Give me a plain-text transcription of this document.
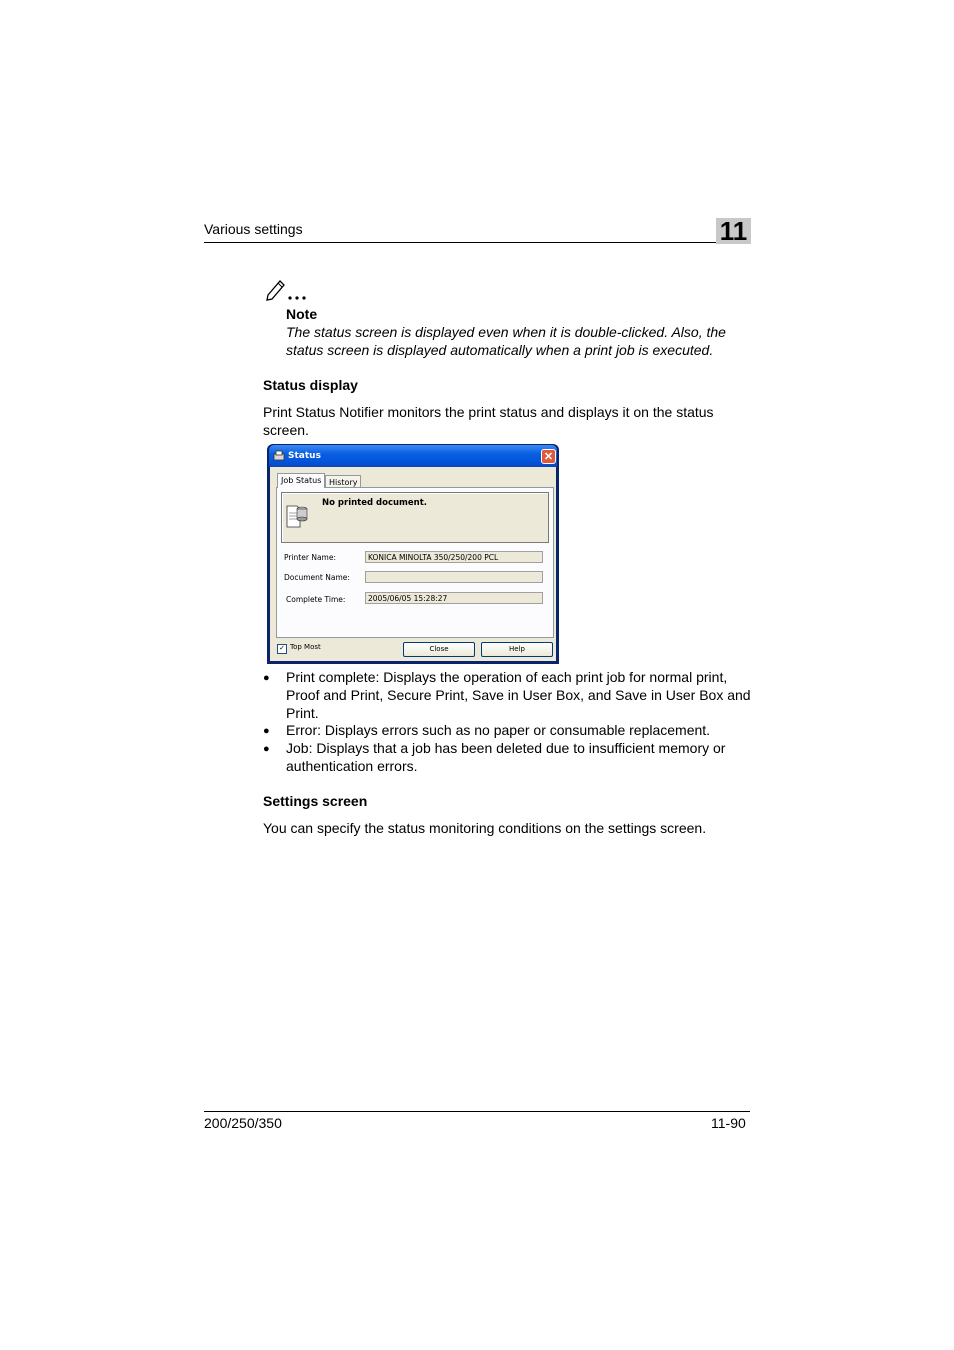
Various settings	11
Note
The status screen is displayed even when it is double-clicked. Also, the status screen is displayed automatically when a print job is executed.
Status display
Print Status Notifier monitors the print status and displays it on the status screen.
Status	✕
Job Status History
No printed document.
Printer Name:	KONICA MINOLTA 350/250/200 PCL
Document Name:
Complete Time:	2005/06/05 15:28:27
✓ Top Most	Close	Help
● Print complete: Displays the operation of each print job for normal print, Proof and Print, Secure Print, Save in User Box, and Save in User Box and Print.
● Error: Displays errors such as no paper or consumable replacement.
● Job: Displays that a job has been deleted due to insufficient memory or authentication errors.
Settings screen
You can specify the status monitoring conditions on the settings screen.
200/250/350	11-90
